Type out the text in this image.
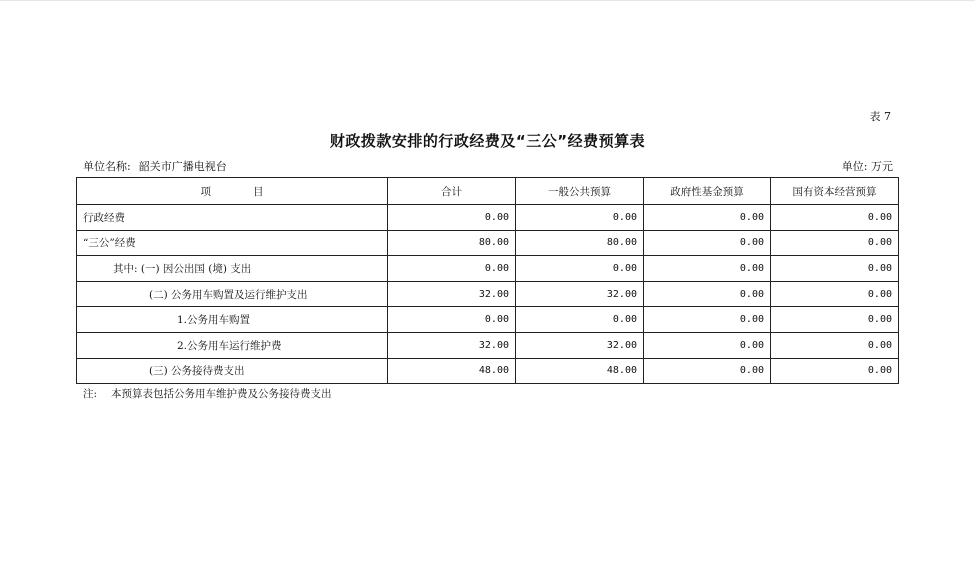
表 7
财政拨款安排的行政经费及“三公”经费预算表
单位名称: 韶关市广播电视台	单位: 万元
项　　　　目	合计	一般公共预算	政府性基金预算	国有资本经营预算
行政经费	0.00	0.00	0.00	0.00
“三公”经费	80.00	80.00	0.00	0.00
其中: (一) 因公出国 (境) 支出	0.00	0.00	0.00	0.00
(二) 公务用车购置及运行维护支出	32.00	32.00	0.00	0.00
1.公务用车购置	0.00	0.00	0.00	0.00
2.公务用车运行维护费	32.00	32.00	0.00	0.00
(三) 公务接待费支出	48.00	48.00	0.00	0.00
注: 本预算表包括公务用车维护费及公务接待费支出
